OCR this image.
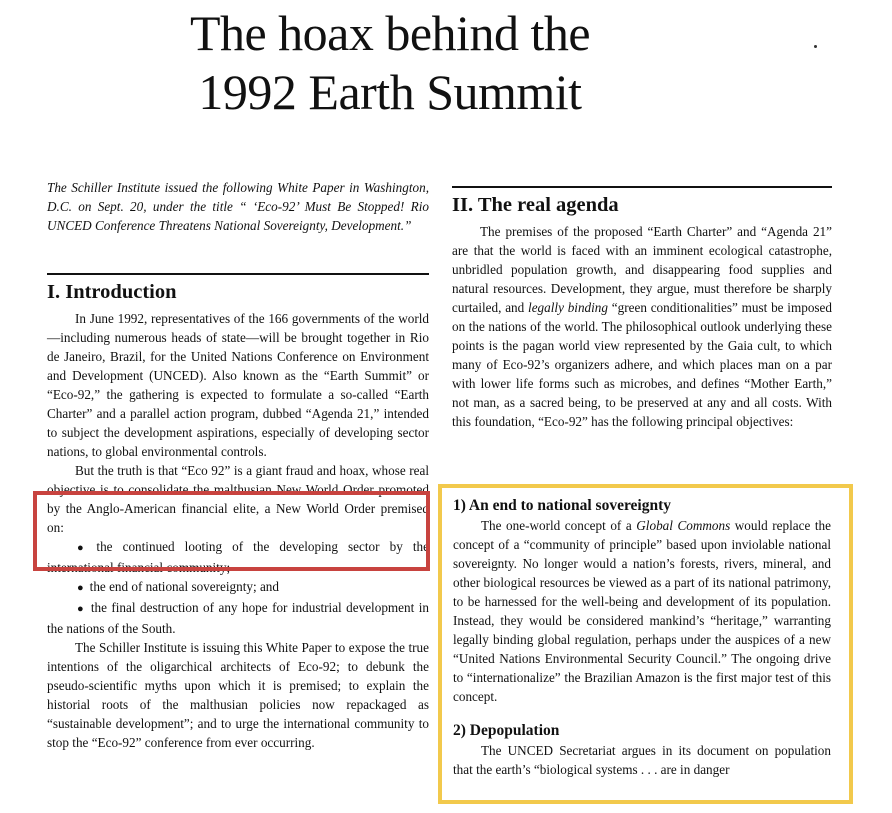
The hoax behind the
1992 Earth Summit

The Schiller Institute issued the following White Paper in Washington, D.C. on Sept. 20, under the title “ ‘Eco-92’ Must Be Stopped! Rio UNCED Conference Threatens National Sovereignty, Development.”

I. Introduction

In June 1992, representatives of the 166 governments of the world—including numerous heads of state—will be brought together in Rio de Janeiro, Brazil, for the United Nations Conference on Environment and Development (UNCED). Also known as the “Earth Summit” or “Eco-92,” the gathering is expected to formulate a so-called “Earth Charter” and a parallel action program, dubbed “Agenda 21,” intended to subject the development aspirations, especially of developing sector nations, to global environmental controls.

But the truth is that “Eco 92” is a giant fraud and hoax, whose real objective is to consolidate the malthusian New World Order promoted by the Anglo-American financial elite, a New World Order premised on:

● the continued looting of the developing sector by the international financial community;
● the end of national sovereignty; and
● the final destruction of any hope for industrial development in the nations of the South.

The Schiller Institute is issuing this White Paper to expose the true intentions of the oligarchical architects of Eco-92; to debunk the pseudo-scientific myths upon which it is premised; to explain the historial roots of the malthusian policies now repackaged as “sustainable development”; and to urge the international community to stop the “Eco-92” conference from ever occurring.

II. The real agenda

The premises of the proposed “Earth Charter” and “Agenda 21” are that the world is faced with an imminent ecological catastrophe, unbridled population growth, and disappearing food supplies and natural resources. Development, they argue, must therefore be sharply curtailed, and legally binding “green conditionalities” must be imposed on the nations of the world. The philosophical outlook underlying these points is the pagan world view represented by the Gaia cult, to which many of Eco-92’s organizers adhere, and which places man on a par with lower life forms such as microbes, and defines “Mother Earth,” not man, as a sacred being, to be preserved at any and all costs. With this foundation, “Eco-92” has the following principal objectives:

1) An end to national sovereignty

The one-world concept of a Global Commons would replace the concept of a “community of principle” based upon inviolable national sovereignty. No longer would a nation’s forests, rivers, mineral, and other biological resources be viewed as a part of its national patrimony, to be harnessed for the well-being and development of its population. Instead, they would be considered mankind’s “heritage,” warranting legally binding global regulation, perhaps under the auspices of a new “United Nations Environmental Security Council.” The ongoing drive to “internationalize” the Brazilian Amazon is the first major test of this concept.

2) Depopulation

The UNCED Secretariat argues in its document on population that the earth’s “biological systems . . . are in danger
